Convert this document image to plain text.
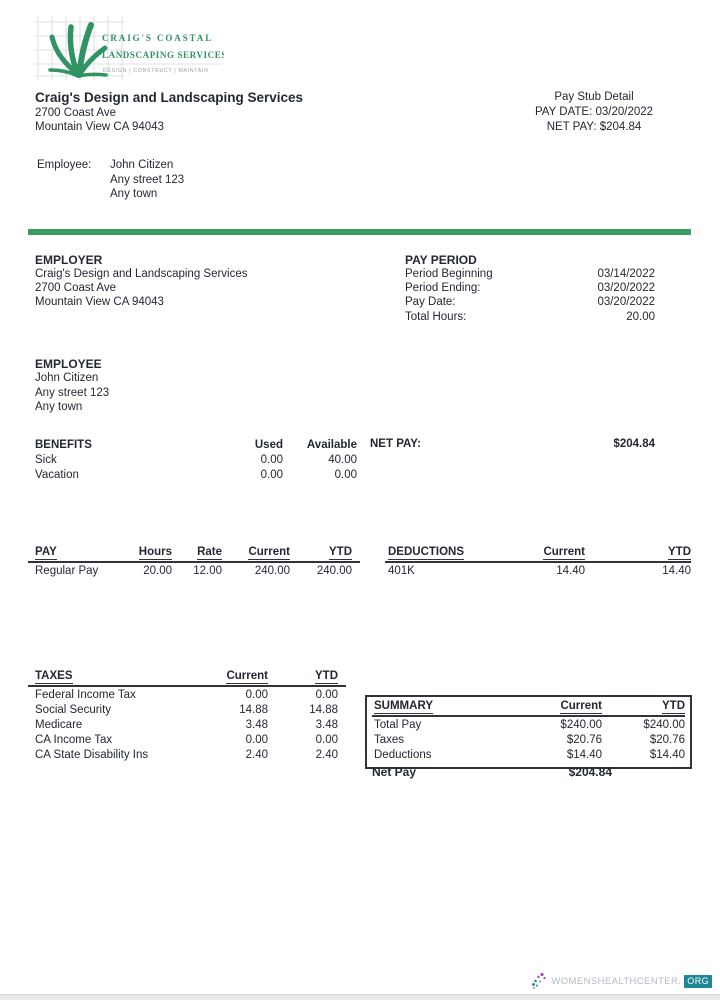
CRAIG'S COASTAL
LANDSCAPING SERVICES
DESIGN | CONSTRUCT | MAINTAIN
Craig's Design and Landscaping Services
2700 Coast Ave
Mountain View CA 94043
Pay Stub Detail
PAY DATE: 03/20/2022
NET PAY: $204.84
Employee:	John Citizen
Any street 123
Any town
EMPLOYER
Craig's Design and Landscaping Services
2700 Coast Ave
Mountain View CA 94043
PAY PERIOD
Period Beginning	03/14/2022
Period Ending:	03/20/2022
Pay Date:	03/20/2022
Total Hours:	20.00
EMPLOYEE
John Citizen
Any street 123
Any town
BENEFITS	Used	Available
Sick	0.00	40.00
Vacation	0.00	0.00
NET PAY:	$204.84
PAY	Hours	Rate	Current	YTD
Regular Pay	20.00	12.00	240.00	240.00
DEDUCTIONS	Current	YTD
401K	14.40	14.40
TAXES	Current	YTD
Federal Income Tax	0.00	0.00
Social Security	14.88	14.88
Medicare	3.48	3.48
CA Income Tax	0.00	0.00
CA State Disability Ins	2.40	2.40
SUMMARY	Current	YTD
Total Pay	$240.00	$240.00
Taxes	$20.76	$20.76
Deductions	$14.40	$14.40
Net Pay	$204.84
WOMENSHEALTHCENTER. ORG
